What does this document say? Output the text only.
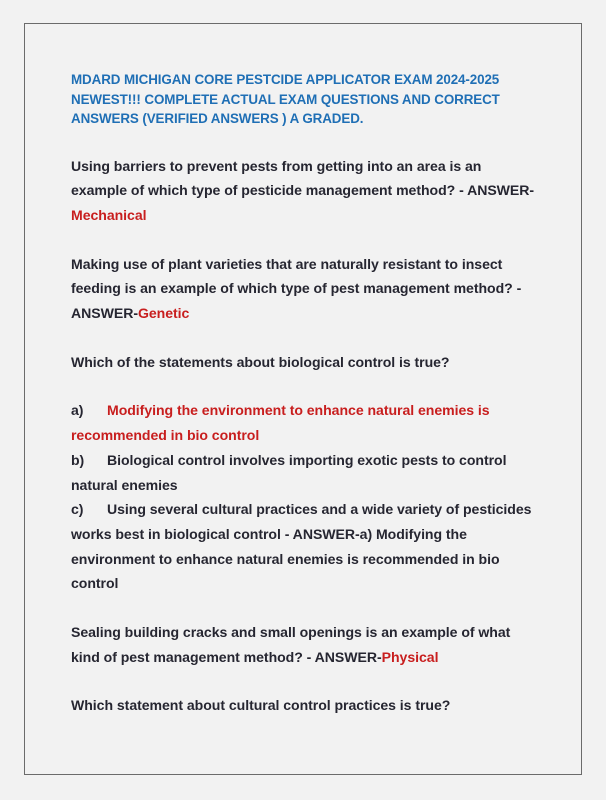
MDARD MICHIGAN CORE PESTCIDE APPLICATOR EXAM 2024-2025

NEWEST!!! COMPLETE ACTUAL EXAM QUESTIONS AND CORRECT

ANSWERS (VERIFIED ANSWERS ) A GRADED.

Using barriers to prevent pests from getting into an area is an

example of which type of pesticide management method? - ANSWER-

Mechanical

Making use of plant varieties that are naturally resistant to insect

feeding is an example of which type of pest management method? -

ANSWER-Genetic

Which of the statements about biological control is true?

a) Modifying the environment to enhance natural enemies is

recommended in bio control

b) Biological control involves importing exotic pests to control

natural enemies

c) Using several cultural practices and a wide variety of pesticides

works best in biological control - ANSWER-a) Modifying the

environment to enhance natural enemies is recommended in bio

control

Sealing building cracks and small openings is an example of what

kind of pest management method? - ANSWER-Physical

Which statement about cultural control practices is true?
